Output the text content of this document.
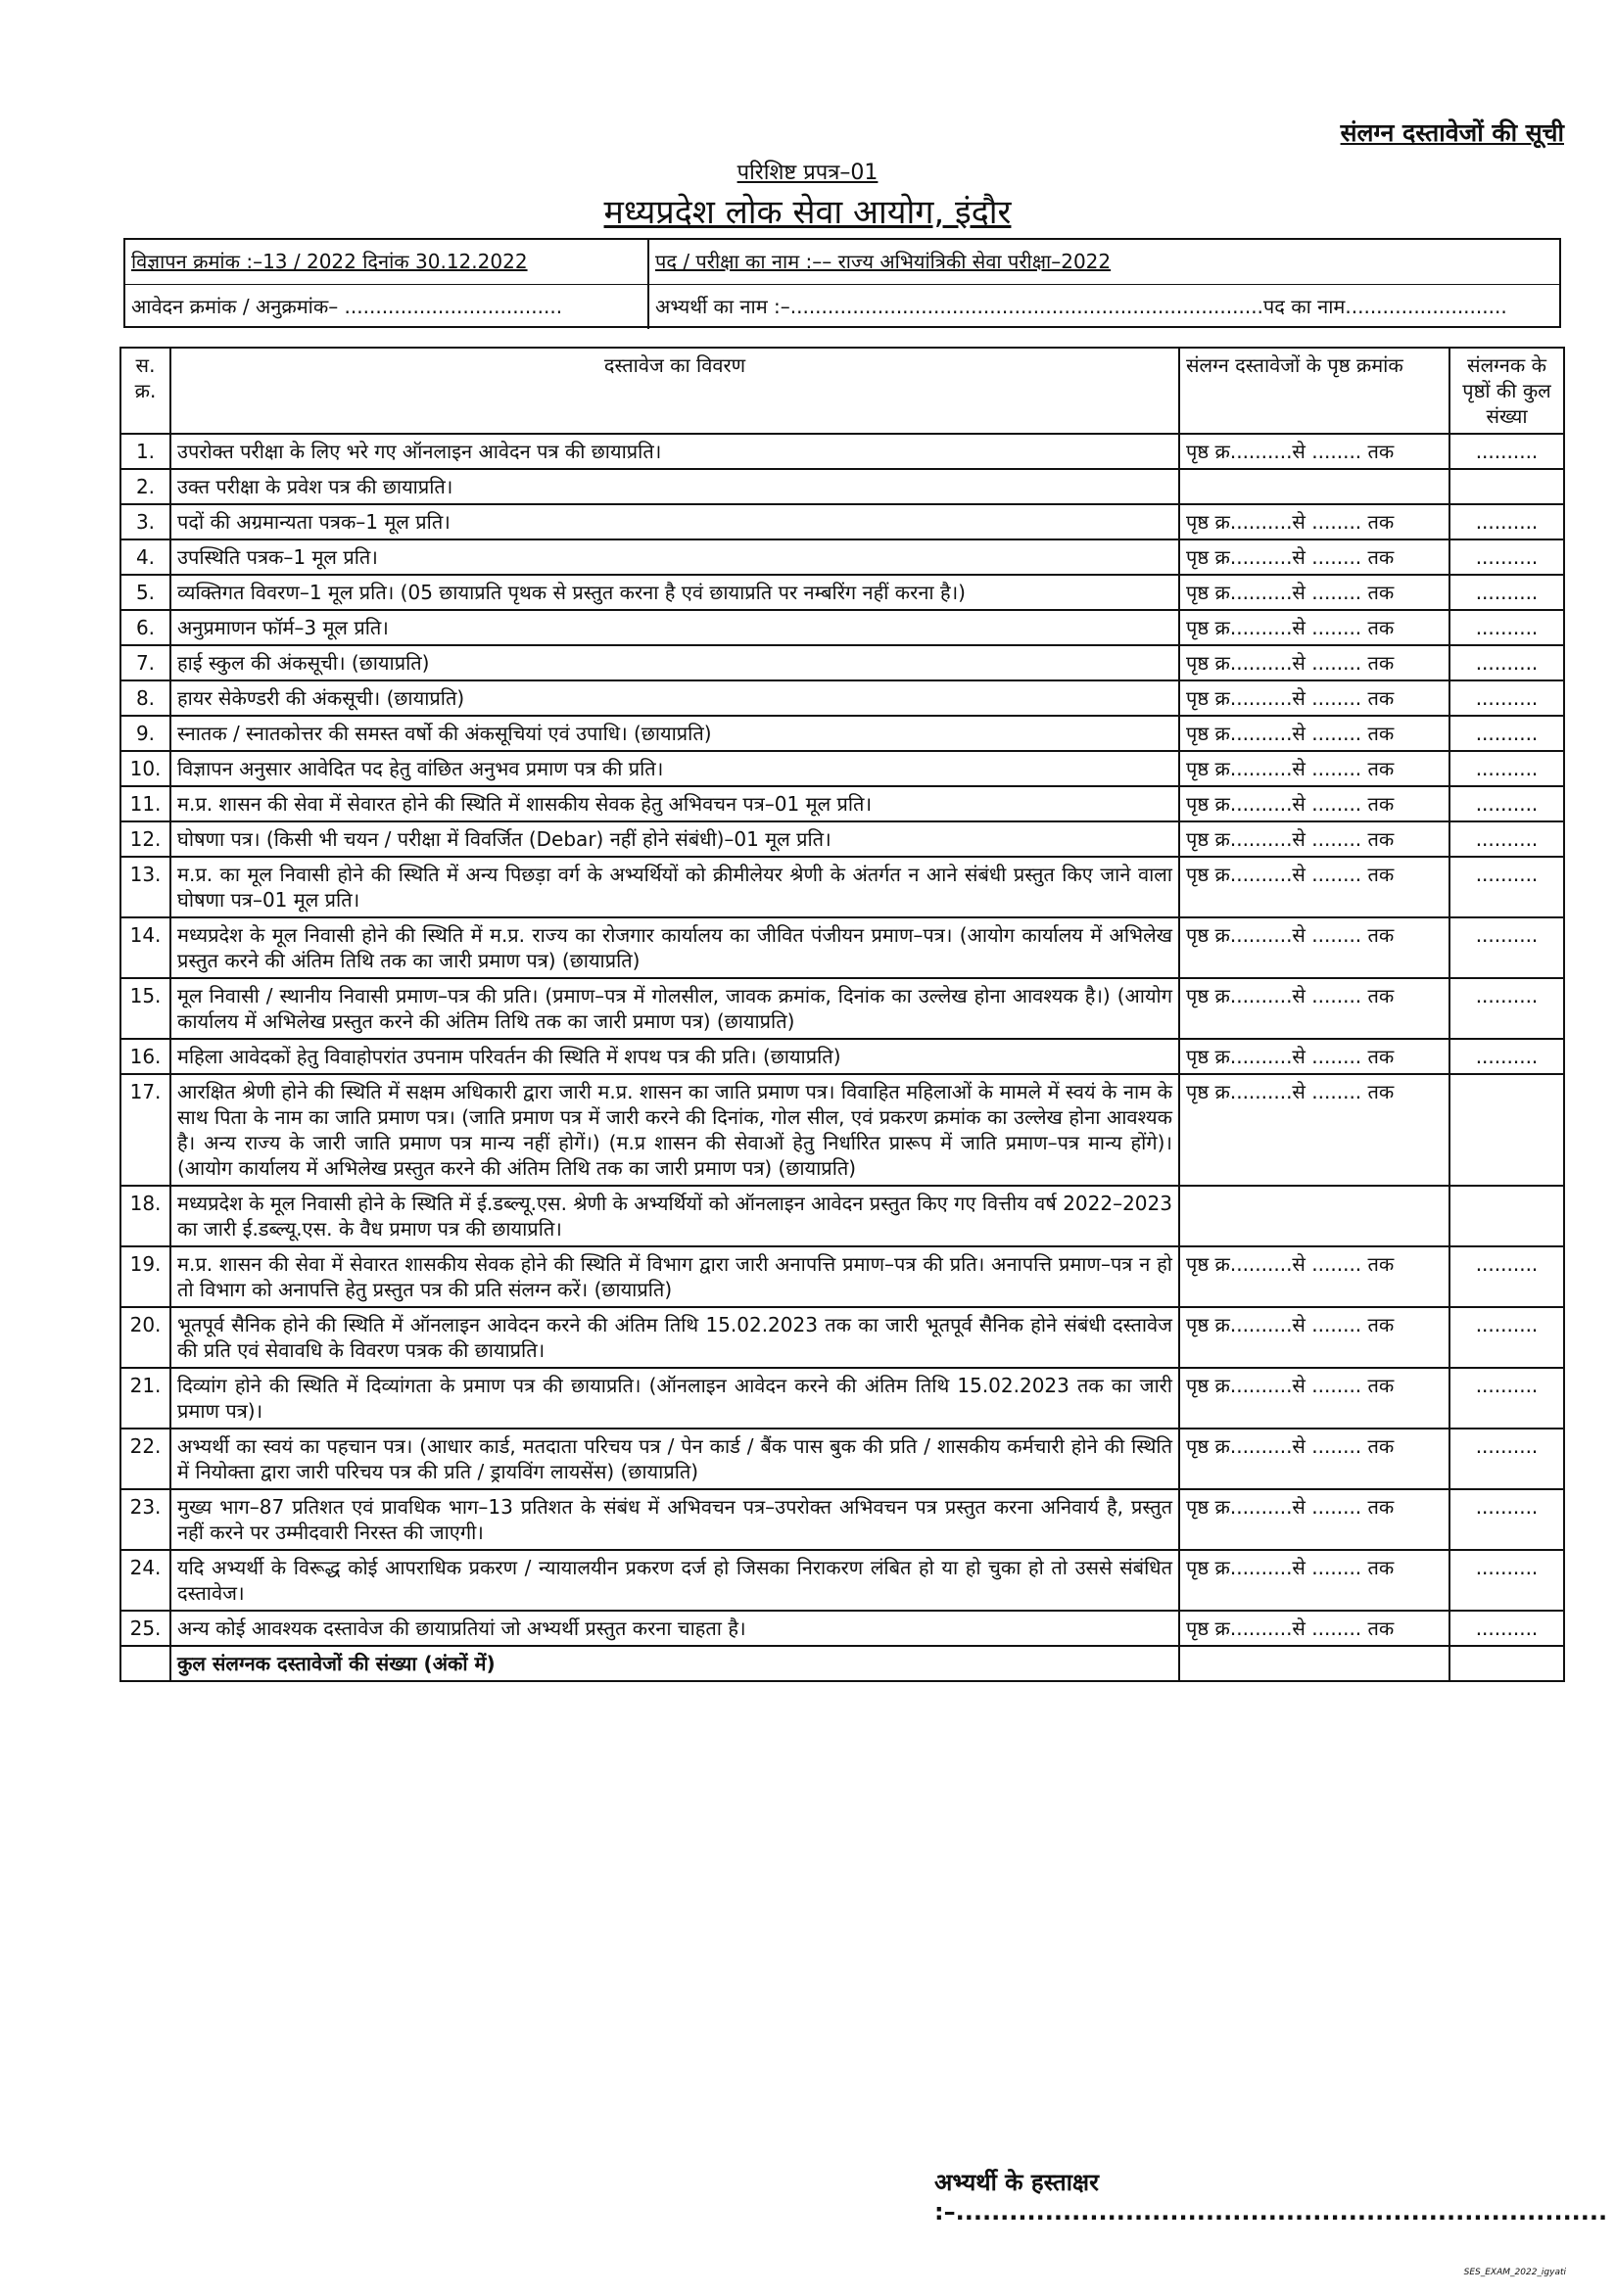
संलग्न दस्तावेजों की सूची
परिशिष्ट प्रपत्र–01
मध्यप्रदेश लोक सेवा आयोग, इंदौर
विज्ञापन क्रमांक :–13 / 2022 दिनांक 30.12.2022	पद / परीक्षा का नाम :–– राज्य अभियांत्रिकी सेवा परीक्षा–2022
आवेदन क्रमांक / अनुक्रमांक– ...................................	अभ्यर्थी का नाम :–............................................................................पद का नाम..........................
स. क्र.	दस्तावेज का विवरण	संलग्न दस्तावेजों के पृष्ठ क्रमांक	संलग्नक के पृष्ठों की कुल संख्या
1.	उपरोक्त परीक्षा के लिए भरे गए ऑनलाइन आवेदन पत्र की छायाप्रति।	पृष्ठ क्र..........से ........ तक	..........
2.	उक्त परीक्षा के प्रवेश पत्र की छायाप्रति।		
3.	पदों की अग्रमान्यता पत्रक–1 मूल प्रति।	पृष्ठ क्र..........से ........ तक	..........
4.	उपस्थिति पत्रक–1 मूल प्रति।	पृष्ठ क्र..........से ........ तक	..........
5.	व्यक्तिगत विवरण–1 मूल प्रति। (05 छायाप्रति पृथक से प्रस्तुत करना है एवं छायाप्रति पर नम्बरिंग नहीं करना है।)	पृष्ठ क्र..........से ........ तक	..........
6.	अनुप्रमाणन फॉर्म–3 मूल प्रति।	पृष्ठ क्र..........से ........ तक	..........
7.	हाई स्कुल की अंकसूची। (छायाप्रति)	पृष्ठ क्र..........से ........ तक	..........
8.	हायर सेकेण्डरी की अंकसूची। (छायाप्रति)	पृष्ठ क्र..........से ........ तक	..........
9.	स्नातक / स्नातकोत्तर की समस्त वर्षो की अंकसूचियां एवं उपाधि। (छायाप्रति)	पृष्ठ क्र..........से ........ तक	..........
10.	विज्ञापन अनुसार आवेदित पद हेतु वांछित अनुभव प्रमाण पत्र की प्रति।	पृष्ठ क्र..........से ........ तक	..........
11.	म.प्र. शासन की सेवा में सेवारत होने की स्थिति में शासकीय सेवक हेतु अभिवचन पत्र–01 मूल प्रति।	पृष्ठ क्र..........से ........ तक	..........
12.	घोषणा पत्र। (किसी भी चयन / परीक्षा में विवर्जित (Debar) नहीं होने संबंधी)–01 मूल प्रति।	पृष्ठ क्र..........से ........ तक	..........
13.	म.प्र. का मूल निवासी होने की स्थिति में अन्य पिछड़ा वर्ग के अभ्यर्थियों को क्रीमीलेयर श्रेणी के अंतर्गत न आने संबंधी प्रस्तुत किए जाने वाला घोषणा पत्र–01 मूल प्रति।	पृष्ठ क्र..........से ........ तक	..........
14.	मध्यप्रदेश के मूल निवासी होने की स्थिति में म.प्र. राज्य का रोजगार कार्यालय का जीवित पंजीयन प्रमाण–पत्र। (आयोग कार्यालय में अभिलेख प्रस्तुत करने की अंतिम तिथि तक का जारी प्रमाण पत्र) (छायाप्रति)	पृष्ठ क्र..........से ........ तक	..........
15.	मूल निवासी / स्थानीय निवासी प्रमाण–पत्र की प्रति। (प्रमाण–पत्र में गोलसील, जावक क्रमांक, दिनांक का उल्लेख होना आवश्यक है।) (आयोग कार्यालय में अभिलेख प्रस्तुत करने की अंतिम तिथि तक का जारी प्रमाण पत्र) (छायाप्रति)	पृष्ठ क्र..........से ........ तक	..........
16.	महिला आवेदकों हेतु विवाहोपरांत उपनाम परिवर्तन की स्थिति में शपथ पत्र की प्रति। (छायाप्रति)	पृष्ठ क्र..........से ........ तक	..........
17.	आरक्षित श्रेणी होने की स्थिति में सक्षम अधिकारी द्वारा जारी म.प्र. शासन का जाति प्रमाण पत्र। विवाहित महिलाओं के मामले में स्वयं के नाम के साथ पिता के नाम का जाति प्रमाण पत्र। (जाति प्रमाण पत्र में जारी करने की दिनांक, गोल सील, एवं प्रकरण क्रमांक का उल्लेख होना आवश्यक है। अन्य राज्य के जारी जाति प्रमाण पत्र मान्य नहीं होगें।) (म.प्र शासन की सेवाओं हेतु निर्धारित प्रारूप में जाति प्रमाण–पत्र मान्य होंगे)। (आयोग कार्यालय में अभिलेख प्रस्तुत करने की अंतिम तिथि तक का जारी प्रमाण पत्र) (छायाप्रति)	पृष्ठ क्र..........से ........ तक	
18.	मध्यप्रदेश के मूल निवासी होने के स्थिति में ई.डब्ल्यू.एस. श्रेणी के अभ्यर्थियों को ऑनलाइन आवेदन प्रस्तुत किए गए वित्तीय वर्ष 2022–2023 का जारी ई.डब्ल्यू.एस. के वैध प्रमाण पत्र की छायाप्रति।		
19.	म.प्र. शासन की सेवा में सेवारत शासकीय सेवक होने की स्थिति में विभाग द्वारा जारी अनापत्ति प्रमाण–पत्र की प्रति। अनापत्ति प्रमाण–पत्र न हो तो विभाग को अनापत्ति हेतु प्रस्तुत पत्र की प्रति संलग्न करें। (छायाप्रति)	पृष्ठ क्र..........से ........ तक	..........
20.	भूतपूर्व सैनिक होने की स्थिति में ऑनलाइन आवेदन करने की अंतिम तिथि 15.02.2023 तक का जारी भूतपूर्व सैनिक होने संबंधी दस्तावेज की प्रति एवं सेवावधि के विवरण पत्रक की छायाप्रति।	पृष्ठ क्र..........से ........ तक	..........
21.	दिव्यांग होने की स्थिति में दिव्यांगता के प्रमाण पत्र की छायाप्रति। (ऑनलाइन आवेदन करने की अंतिम तिथि 15.02.2023 तक का जारी प्रमाण पत्र)।	पृष्ठ क्र..........से ........ तक	..........
22.	अभ्यर्थी का स्वयं का पहचान पत्र। (आधार कार्ड, मतदाता परिचय पत्र / पेन कार्ड / बैंक पास बुक की प्रति / शासकीय कर्मचारी होने की स्थिति में नियोक्ता द्वारा जारी परिचय पत्र की प्रति / ड्रायविंग लायसेंस) (छायाप्रति)	पृष्ठ क्र..........से ........ तक	..........
23.	मुख्य भाग–87 प्रतिशत एवं प्रावधिक भाग–13 प्रतिशत के संबंध में अभिवचन पत्र–उपरोक्त अभिवचन पत्र प्रस्तुत करना अनिवार्य है, प्रस्तुत नहीं करने पर उम्मीदवारी निरस्त की जाएगी।	पृष्ठ क्र..........से ........ तक	..........
24.	यदि अभ्यर्थी के विरूद्ध कोई आपराधिक प्रकरण / न्यायालयीन प्रकरण दर्ज हो जिसका निराकरण लंबित हो या हो चुका हो तो उससे संबंधित दस्तावेज।	पृष्ठ क्र..........से ........ तक	..........
25.	अन्य कोई आवश्यक दस्तावेज की छायाप्रतियां जो अभ्यर्थी प्रस्तुत करना चाहता है।	पृष्ठ क्र..........से ........ तक	..........
	कुल संलग्नक दस्तावेजों की संख्या (अंकों में)		
अभ्यर्थी के हस्ताक्षर :–.........................................................................
SES_EXAM_2022_igyati
